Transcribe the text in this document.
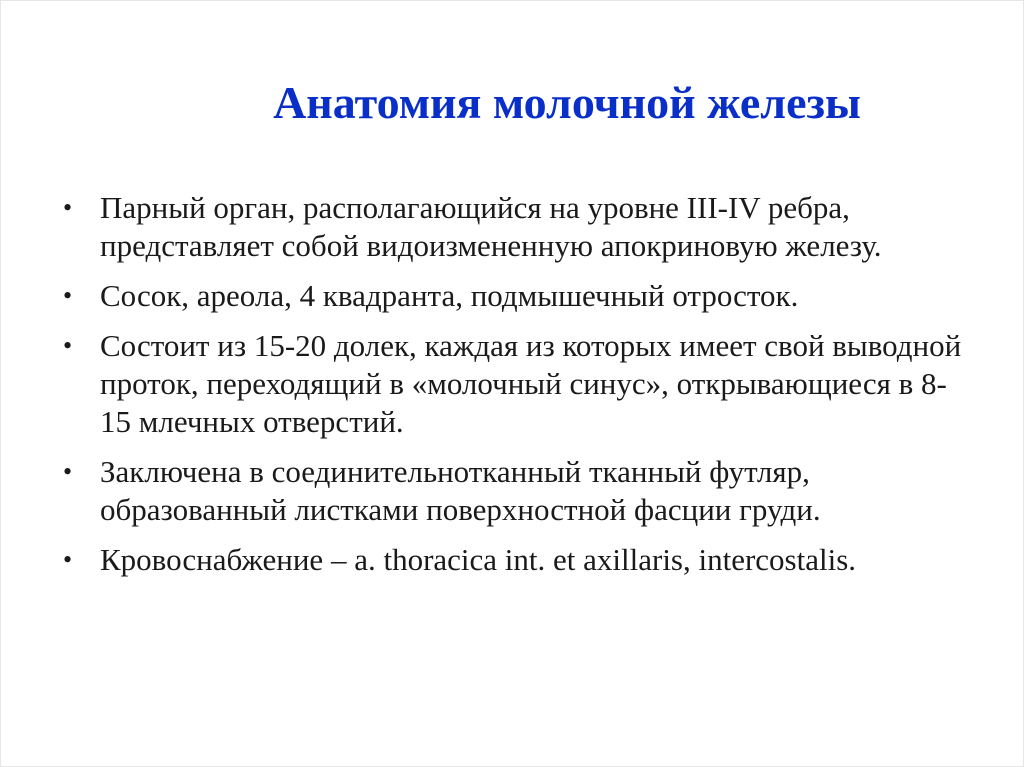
Анатомия молочной железы
• Парный орган, располагающийся на уровне III-IV ребра, представляет собой видоизмененную апокриновую железу.
• Сосок, ареола, 4 квадранта, подмышечный отросток.
• Состоит из 15-20 долек, каждая из которых имеет свой выводной проток, переходящий в «молочный синус», открывающиеся в 8-15 млечных отверстий.
• Заключена в соединительнотканный тканный футляр, образованный листками поверхностной фасции груди.
• Кровоснабжение – a. thoracica int. et axillaris, intercostalis.
